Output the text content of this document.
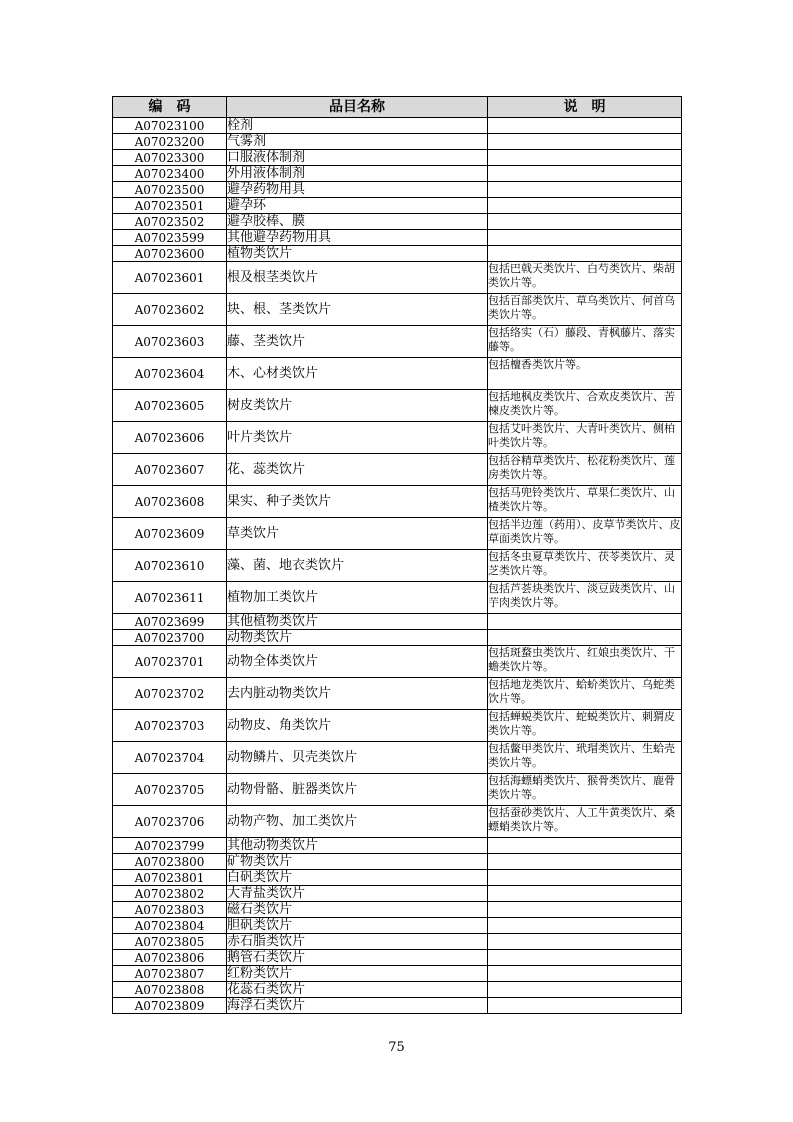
编　码	品目名称	说　明
A07023100	栓剂	
A07023200	气雾剂	
A07023300	口服液体制剂	
A07023400	外用液体制剂	
A07023500	避孕药物用具	
A07023501	避孕环	
A07023502	避孕胶棒、膜	
A07023599	其他避孕药物用具	
A07023600	植物类饮片	
A07023601	根及根茎类饮片	包括巴戟天类饮片、白芍类饮片、柴胡类饮片等。
A07023602	块、根、茎类饮片	包括百部类饮片、草乌类饮片、何首乌类饮片等。
A07023603	藤、茎类饮片	包括络实（石）藤段、青枫藤片、落实藤等。
A07023604	木、心材类饮片	包括檀香类饮片等。
A07023605	树皮类饮片	包括地枫皮类饮片、合欢皮类饮片、苦楝皮类饮片等。
A07023606	叶片类饮片	包括艾叶类饮片、大青叶类饮片、侧柏叶类饮片等。
A07023607	花、蕊类饮片	包括谷精草类饮片、松花粉类饮片、莲房类饮片等。
A07023608	果实、种子类饮片	包括马兜铃类饮片、草果仁类饮片、山楂类饮片等。
A07023609	草类饮片	包括半边莲（药用）、皮草节类饮片、皮草面类饮片等。
A07023610	藻、菌、地衣类饮片	包括冬虫夏草类饮片、茯苓类饮片、灵芝类饮片等。
A07023611	植物加工类饮片	包括芦荟块类饮片、淡豆豉类饮片、山芋肉类饮片等。
A07023699	其他植物类饮片	
A07023700	动物类饮片	
A07023701	动物全体类饮片	包括斑蝥虫类饮片、红娘虫类饮片、干蟾类饮片等。
A07023702	去内脏动物类饮片	包括地龙类饮片、蛤蚧类饮片、乌蛇类饮片等。
A07023703	动物皮、角类饮片	包括蝉蜕类饮片、蛇蜕类饮片、刺猬皮类饮片等。
A07023704	动物鳞片、贝壳类饮片	包括鳖甲类饮片、玳瑁类饮片、生蛤壳类饮片等。
A07023705	动物骨骼、脏器类饮片	包括海螵蛸类饮片、猴骨类饮片、鹿骨类饮片等。
A07023706	动物产物、加工类饮片	包括蚕砂类饮片、人工牛黄类饮片、桑螵蛸类饮片等。
A07023799	其他动物类饮片	
A07023800	矿物类饮片	
A07023801	白矾类饮片	
A07023802	大青盐类饮片	
A07023803	磁石类饮片	
A07023804	胆矾类饮片	
A07023805	赤石脂类饮片	
A07023806	鹅管石类饮片	
A07023807	红粉类饮片	
A07023808	花蕊石类饮片	
A07023809	海浮石类饮片	
75
